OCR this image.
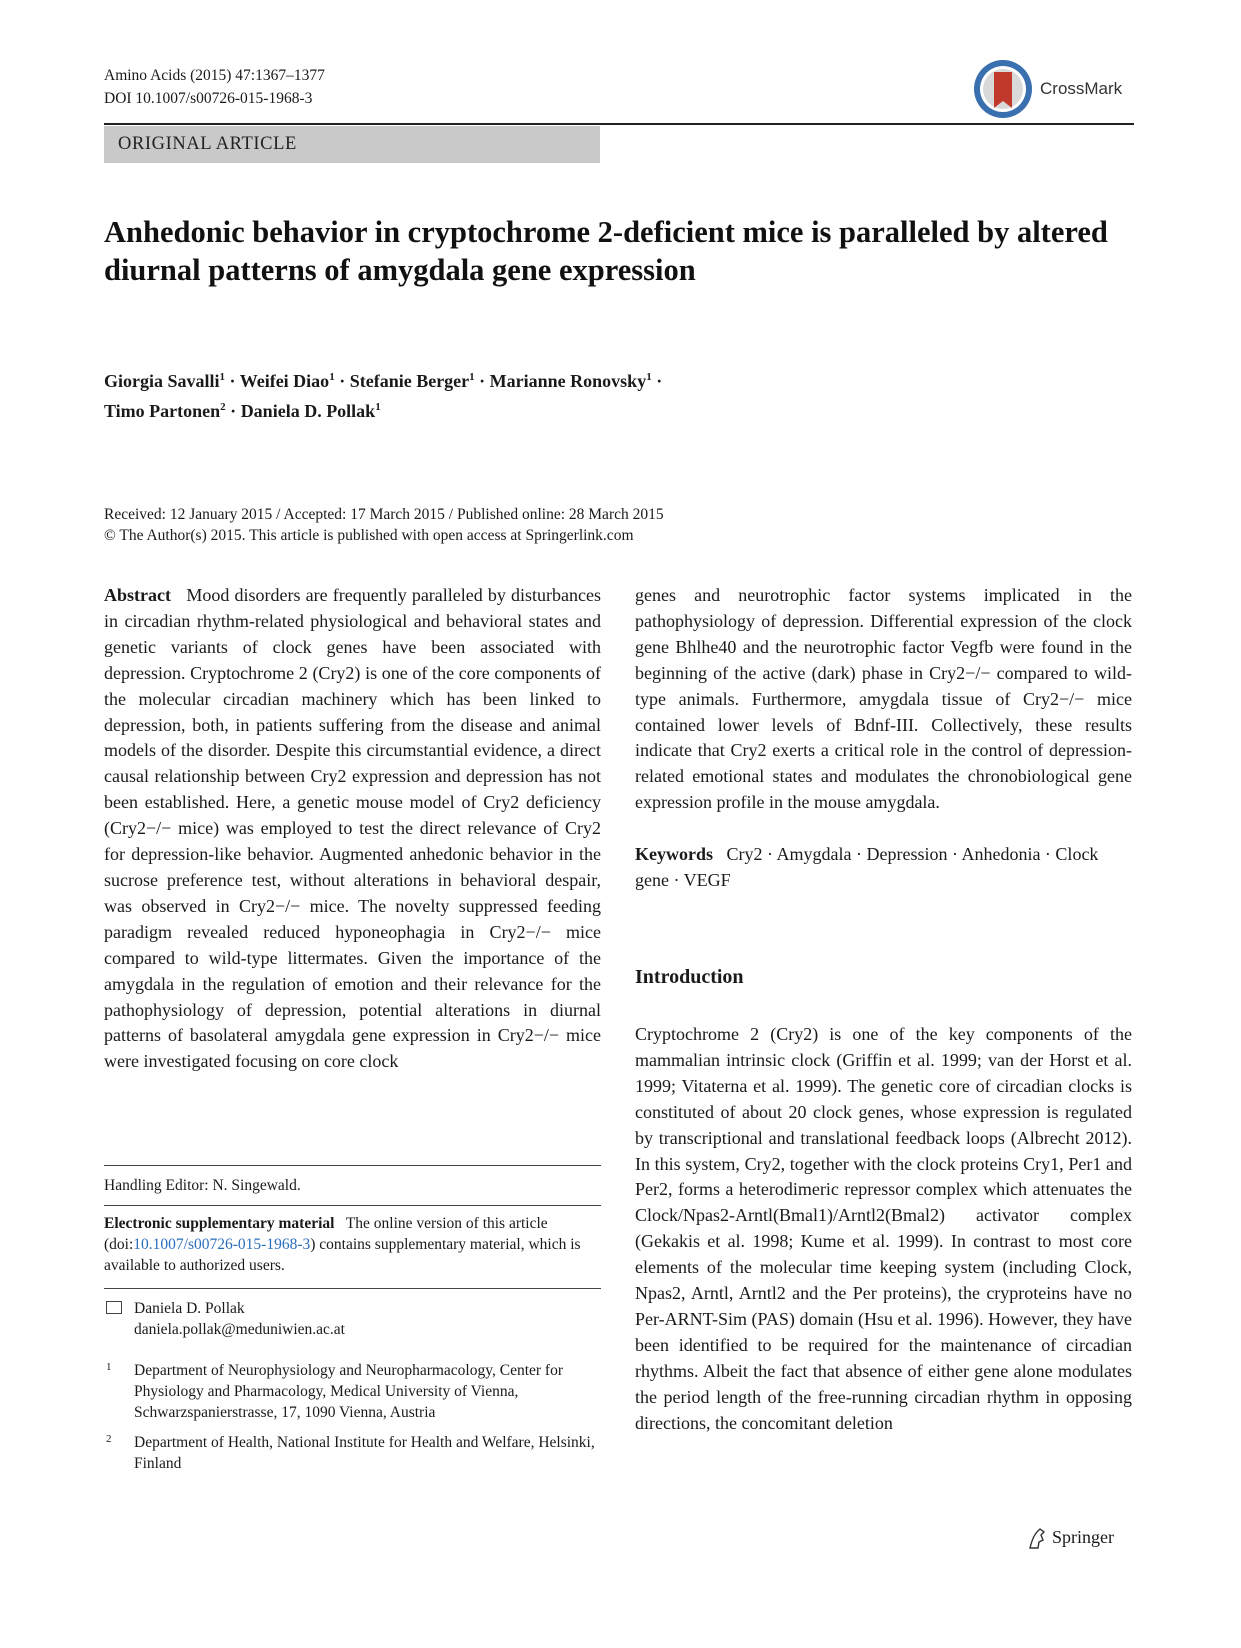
Amino Acids (2015) 47:1367–1377
DOI 10.1007/s00726-015-1968-3
CrossMark
ORIGINAL ARTICLE
Anhedonic behavior in cryptochrome 2-deficient mice is paralleled by altered diurnal patterns of amygdala gene expression
Giorgia Savalli$^1$ · Weifei Diao$^1$ · Stefanie Berger$^1$ · Marianne Ronovsky$^1$ ·
Timo Partonen$^2$ · Daniela D. Pollak$^1$
Received: 12 January 2015 / Accepted: 17 March 2015 / Published online: 28 March 2015
© The Author(s) 2015. This article is published with open access at Springerlink.com

Abstract Mood disorders are frequently paralleled by disturbances in circadian rhythm-related physiological and behavioral states and genetic variants of clock genes have been associated with depression. Cryptochrome 2 (Cry2) is one of the core components of the molecular circadian machinery which has been linked to depression, both, in patients suffering from the disease and animal models of the disorder. Despite this circumstantial evidence, a direct causal relationship between Cry2 expression and depression has not been established. Here, a genetic mouse model of Cry2 deficiency (Cry2−/− mice) was employed to test the direct relevance of Cry2 for depression-like behavior. Augmented anhedonic behavior in the sucrose preference test, without alterations in behavioral despair, was observed in Cry2−/− mice. The novelty suppressed feeding paradigm revealed reduced hyponeophagia in Cry2−/− mice compared to wild-type littermates. Given the importance of the amygdala in the regulation of emotion and their relevance for the pathophysiology of depression, potential alterations in diurnal patterns of basolateral amygdala gene expression in Cry2−/− mice were investigated focusing on core clock

Handling Editor: N. Singewald.
Electronic supplementary material The online version of this article (doi:10.1007/s00726-015-1968-3) contains supplementary material, which is available to authorized users.
Daniela D. Pollak
daniela.pollak@meduniwien.ac.at
1 Department of Neurophysiology and Neuropharmacology, Center for Physiology and Pharmacology, Medical University of Vienna, Schwarzspanierstrasse, 17, 1090 Vienna, Austria
2 Department of Health, National Institute for Health and Welfare, Helsinki, Finland

genes and neurotrophic factor systems implicated in the pathophysiology of depression. Differential expression of the clock gene Bhlhe40 and the neurotrophic factor Vegfb were found in the beginning of the active (dark) phase in Cry2−/− compared to wild-type animals. Furthermore, amygdala tissue of Cry2−/− mice contained lower levels of Bdnf-III. Collectively, these results indicate that Cry2 exerts a critical role in the control of depression-related emotional states and modulates the chronobiological gene expression profile in the mouse amygdala.

Keywords Cry2 · Amygdala · Depression · Anhedonia · Clock gene · VEGF

Introduction
Cryptochrome 2 (Cry2) is one of the key components of the mammalian intrinsic clock (Griffin et al. 1999; van der Horst et al. 1999; Vitaterna et al. 1999). The genetic core of circadian clocks is constituted of about 20 clock genes, whose expression is regulated by transcriptional and translational feedback loops (Albrecht 2012). In this system, Cry2, together with the clock proteins Cry1, Per1 and Per2, forms a heterodimeric repressor complex which attenuates the Clock/Npas2-Arntl(Bmal1)/Arntl2(Bmal2) activator complex (Gekakis et al. 1998; Kume et al. 1999). In contrast to most core elements of the molecular time keeping system (including Clock, Npas2, Arntl, Arntl2 and the Per proteins), the cryproteins have no Per-ARNT-Sim (PAS) domain (Hsu et al. 1996). However, they have been identified to be required for the maintenance of circadian rhythms. Albeit the fact that absence of either gene alone modulates the period length of the free-running circadian rhythm in opposing directions, the concomitant deletion
Springer
